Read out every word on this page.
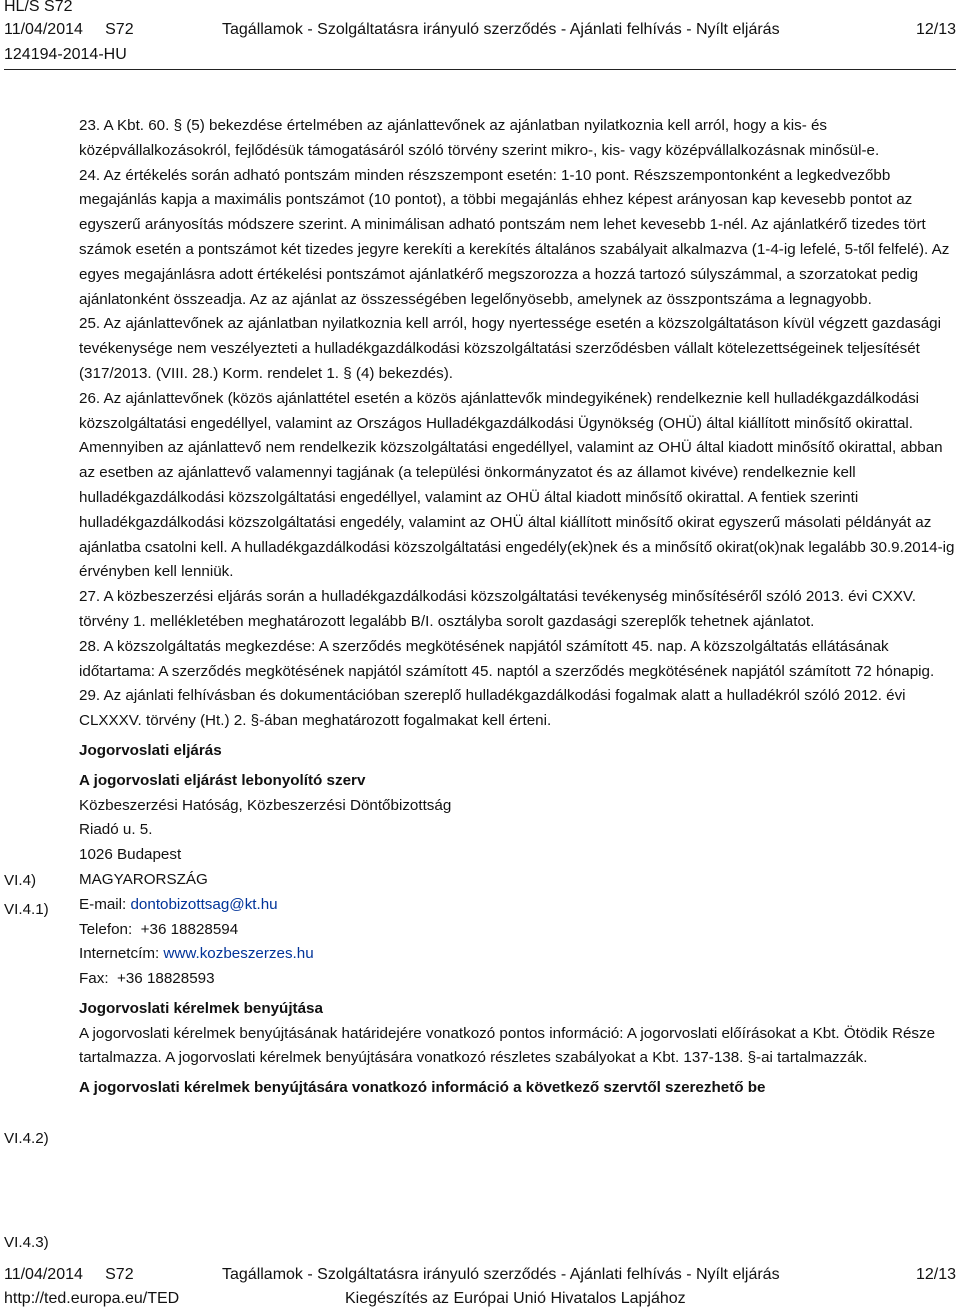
HL/S S72
11/04/2014     S72	Tagállamok - Szolgáltatásra irányuló szerződés - Ajánlati felhívás - Nyílt eljárás	12/13
124194-2014-HU
VI.4)
VI.4.1)
VI.4.2)
VI.4.3)

23. A Kbt. 60. § (5) bekezdése értelmében az ajánlattevőnek az ajánlatban nyilatkoznia kell arról, hogy a kis- és középvállalkozásokról, fejlődésük támogatásáról szóló törvény szerint mikro-, kis- vagy középvállalkozásnak minősül-e.

24. Az értékelés során adható pontszám minden részszempont esetén: 1-10 pont. Részszempontonként a legkedvezőbb megajánlás kapja a maximális pontszámot (10 pontot), a többi megajánlás ehhez képest arányosan kap kevesebb pontot az egyszerű arányosítás módszere szerint. A minimálisan adható pontszám nem lehet kevesebb 1-nél. Az ajánlatkérő tizedes tört számok esetén a pontszámot két tizedes jegyre kerekíti a kerekítés általános szabályait alkalmazva (1-4-ig lefelé, 5-től felfelé). Az egyes megajánlásra adott értékelési pontszámot ajánlatkérő megszorozza a hozzá tartozó súlyszámmal, a szorzatokat pedig ajánlatonként összeadja. Az az ajánlat az összességében legelőnyösebb, amelynek az összpontszáma a legnagyobb.

25. Az ajánlattevőnek az ajánlatban nyilatkoznia kell arról, hogy nyertessége esetén a közszolgáltatáson kívül végzett gazdasági tevékenysége nem veszélyezteti a hulladékgazdálkodási közszolgáltatási szerződésben vállalt kötelezettségeinek teljesítését (317/2013. (VIII. 28.) Korm. rendelet 1. § (4) bekezdés).

26. Az ajánlattevőnek (közös ajánlattétel esetén a közös ajánlattevők mindegyikének) rendelkeznie kell hulladékgazdálkodási közszolgáltatási engedéllyel, valamint az Országos Hulladékgazdálkodási Ügynökség (OHÜ) által kiállított minősítő okirattal. Amennyiben az ajánlattevő nem rendelkezik közszolgáltatási engedéllyel, valamint az OHÜ által kiadott minősítő okirattal, abban az esetben az ajánlattevő valamennyi tagjának (a települési önkormányzatot és az államot kivéve) rendelkeznie kell hulladékgazdálkodási közszolgáltatási engedéllyel, valamint az OHÜ által kiadott minősítő okirattal. A fentiek szerinti hulladékgazdálkodási közszolgáltatási engedély, valamint az OHÜ által kiállított minősítő okirat egyszerű másolati példányát az ajánlatba csatolni kell. A hulladékgazdálkodási közszolgáltatási engedély(ek)nek és a minősítő okirat(ok)nak legalább 30.9.2014-ig érvényben kell lenniük.

27. A közbeszerzési eljárás során a hulladékgazdálkodási közszolgáltatási tevékenység minősítéséről szóló 2013. évi CXXV. törvény 1. mellékletében meghatározott legalább B/I. osztályba sorolt gazdasági szereplők tehetnek ajánlatot.

28. A közszolgáltatás megkezdése: A szerződés megkötésének napjától számított 45. nap. A közszolgáltatás ellátásának időtartama: A szerződés megkötésének napjától számított 45. naptól a szerződés megkötésének napjától számított 72 hónapig.

29. Az ajánlati felhívásban és dokumentációban szereplő hulladékgazdálkodási fogalmak alatt a hulladékról szóló 2012. évi CLXXXV. törvény (Ht.) 2. §-ában meghatározott fogalmakat kell érteni.

Jogorvoslati eljárás

A jogorvoslati eljárást lebonyolító szerv

Közbeszerzési Hatóság, Közbeszerzési Döntőbizottság

Riadó u. 5.

1026 Budapest

MAGYARORSZÁG

E-mail: dontobizottsag@kt.hu

Telefon:  +36 18828594

Internetcím: www.kozbeszerzes.hu

Fax:  +36 18828593

Jogorvoslati kérelmek benyújtása

A jogorvoslati kérelmek benyújtásának határidejére vonatkozó pontos információ: A jogorvoslati előírásokat a Kbt. Ötödik Része tartalmazza. A jogorvoslati kérelmek benyújtására vonatkozó részletes szabályokat a Kbt. 137-138. §-ai tartalmazzák.

A jogorvoslati kérelmek benyújtására vonatkozó információ a következő szervtől szerezhető be

11/04/2014     S72	Tagállamok - Szolgáltatásra irányuló szerződés - Ajánlati felhívás - Nyílt eljárás	12/13
http://ted.europa.eu/TED	Kiegészítés az Európai Unió Hivatalos Lapjához
